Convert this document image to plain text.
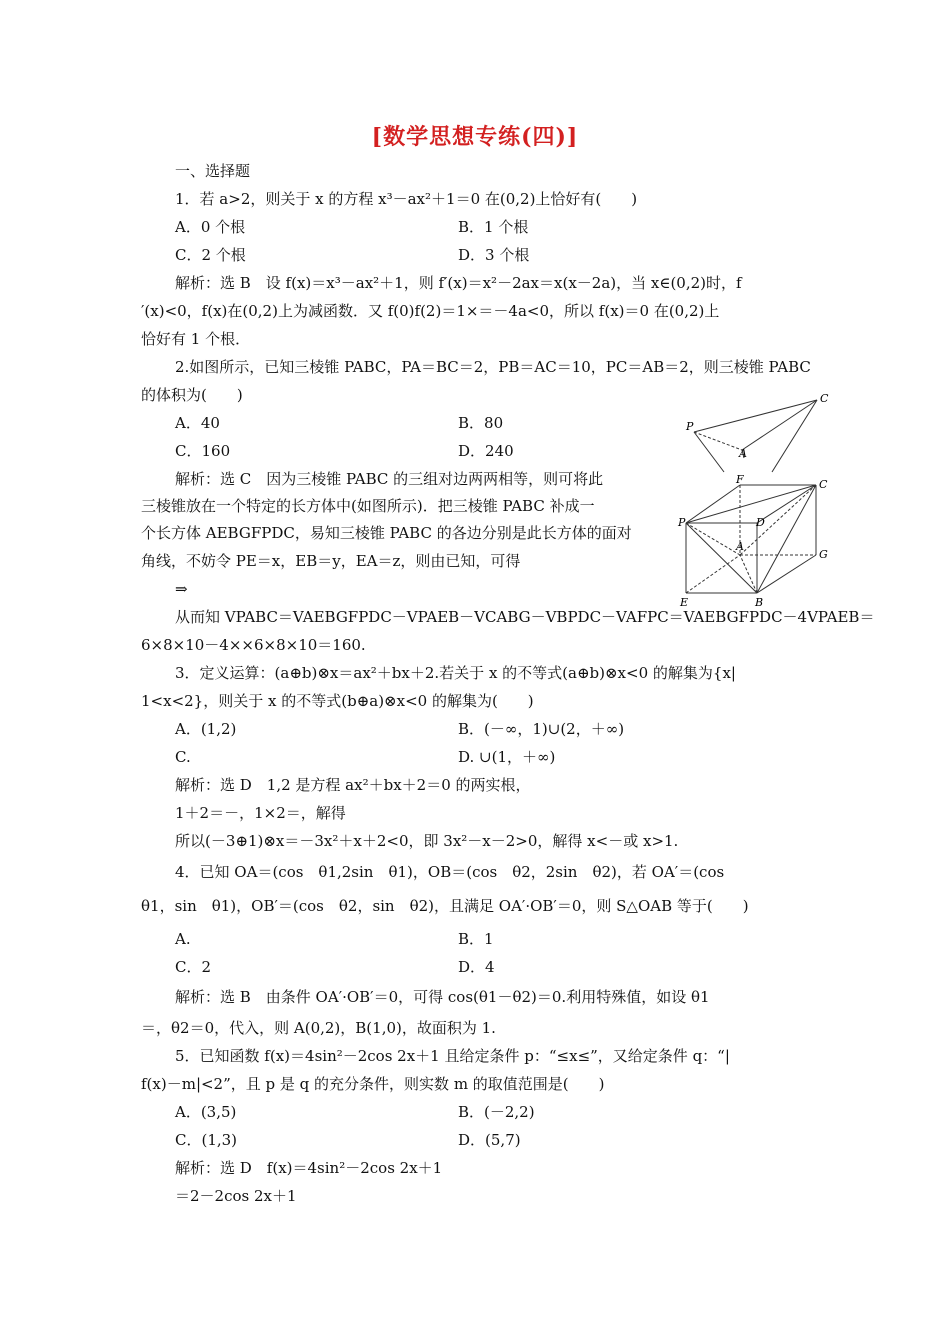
[数学思想专练(四)]
一、选择题
1．若 a>2，则关于 x 的方程 x³－ax²＋1＝0 在(0,2)上恰好有(　　)
A．0 个根	B．1 个根
C．2 个根	D．3 个根
解析：选 B　设 f(x)＝x³－ax²＋1，则 f′(x)＝x²－2ax＝x(x－2a)，当 x∈(0,2)时，f
′(x)<0，f(x)在(0,2)上为减函数．又 f(0)f(2)＝1×＝－4a<0，所以 f(x)＝0 在(0,2)上
恰好有 1 个根．
2.如图所示，已知三棱锥 PABC，PA＝BC＝2，PB＝AC＝10，PC＝AB＝2，则三棱锥 PABC
的体积为(　　)
A．40	B．80
C．160	D．240
解析：选 C　因为三棱锥 PABC 的三组对边两两相等，则可将此
三棱锥放在一个特定的长方体中(如图所示)．把三棱锥 PABC 补成一
个长方体 AEBGFPDC，易知三棱锥 PABC 的各边分别是此长方体的面对
角线，不妨令 PE＝x，EB＝y，EA＝z，则由已知，可得
⇒
从而知 VPABC＝VAEBGFPDC－VPAEB－VCABG－VBPDC－VAFPC＝VAEBGFPDC－4VPAEB＝
6×8×10－4××6×8×10＝160.
C
P
A
F	C
P	D
A
G
E	B
3．定义运算：(a⊕b)⊗x＝ax²＋bx＋2.若关于 x 的不等式(a⊕b)⊗x<0 的解集为{x|
1<x<2}，则关于 x 的不等式(b⊕a)⊗x<0 的解集为(　　)
A．(1,2)	B．(－∞，1)∪(2，＋∞)
C.	D. ∪(1，＋∞)
解析：选 D　1,2 是方程 ax²＋bx＋2＝0 的两实根，
1＋2＝－，1×2＝，解得
所以(－3⊕1)⊗x＝－3x²＋x＋2<0，即 3x²－x－2>0，解得 x<－或 x>1.
4．已知 OA＝(cos　θ1,2sin　θ1)，OB＝(cos　θ2，2sin　θ2)，若 OA′＝(cos
θ1，sin　θ1)，OB′＝(cos　θ2，sin　θ2)，且满足 OA′·OB′＝0，则 S△OAB 等于(　　)
A.	B．1
C．2	D．4
解析：选 B　由条件 OA′·OB′＝0，可得 cos(θ1－θ2)＝0.利用特殊值，如设 θ1
＝，θ2＝0，代入，则 A(0,2)，B(1,0)，故面积为 1.
5．已知函数 f(x)＝4sin²－2cos 2x＋1 且给定条件 p：“≤x≤”，又给定条件 q：“|
f(x)－m|<2”，且 p 是 q 的充分条件，则实数 m 的取值范围是(　　)
A．(3,5)	B．(－2,2)
C．(1,3)	D．(5,7)
解析：选 D　f(x)＝4sin²－2cos 2x＋1
＝2－2cos 2x＋1
